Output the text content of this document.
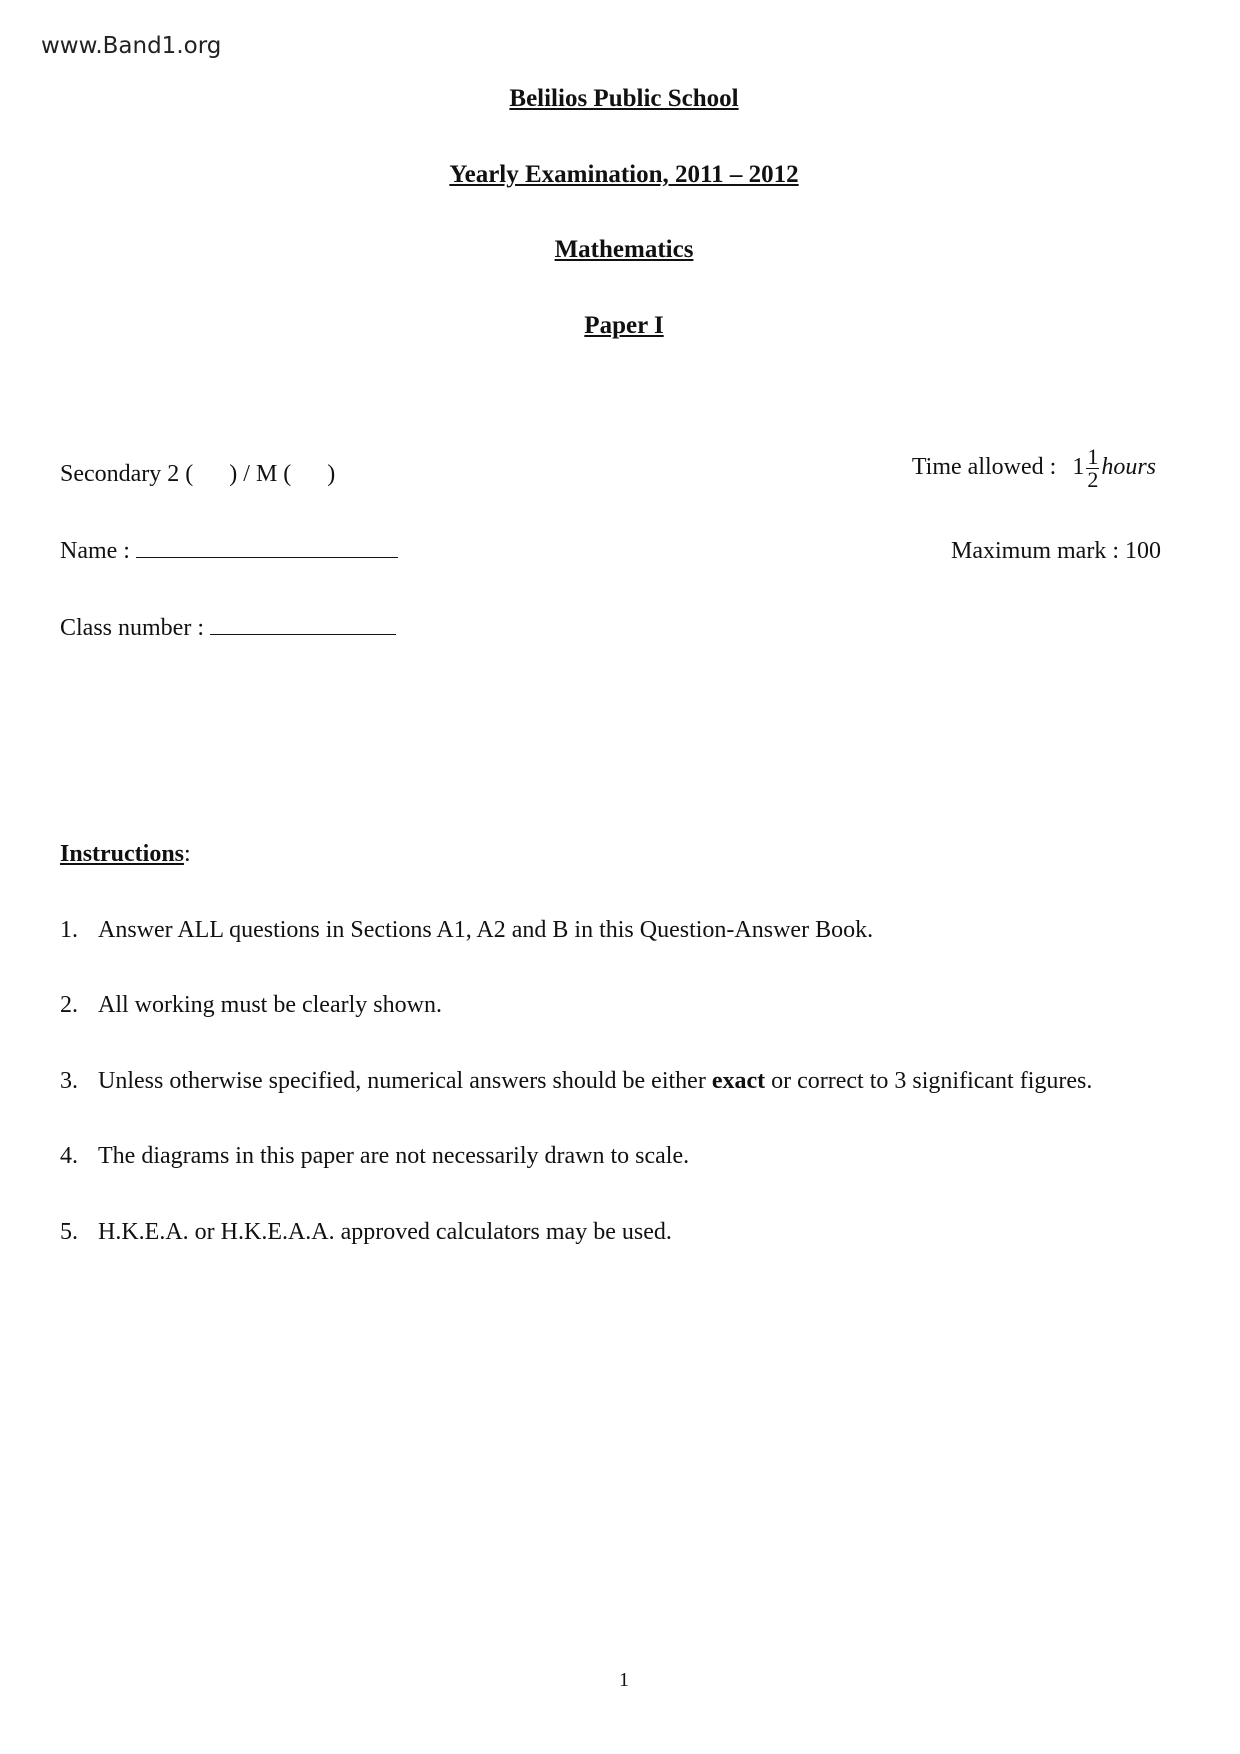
www.Band1.org
Belilios Public School
Yearly Examination, 2011 – 2012
Mathematics
Paper I
Secondary 2 (      ) / M (      )	Time allowed : $1 \frac{1}{2}$ hours
Name :	Maximum mark : 100
Class number :
Instructions:
1. Answer ALL questions in Sections A1, A2 and B in this Question-Answer Book.
2. All working must be clearly shown.
3. Unless otherwise specified, numerical answers should be either exact or correct to 3 significant figures.
4. The diagrams in this paper are not necessarily drawn to scale.
5. H.K.E.A. or H.K.E.A.A. approved calculators may be used.
1
